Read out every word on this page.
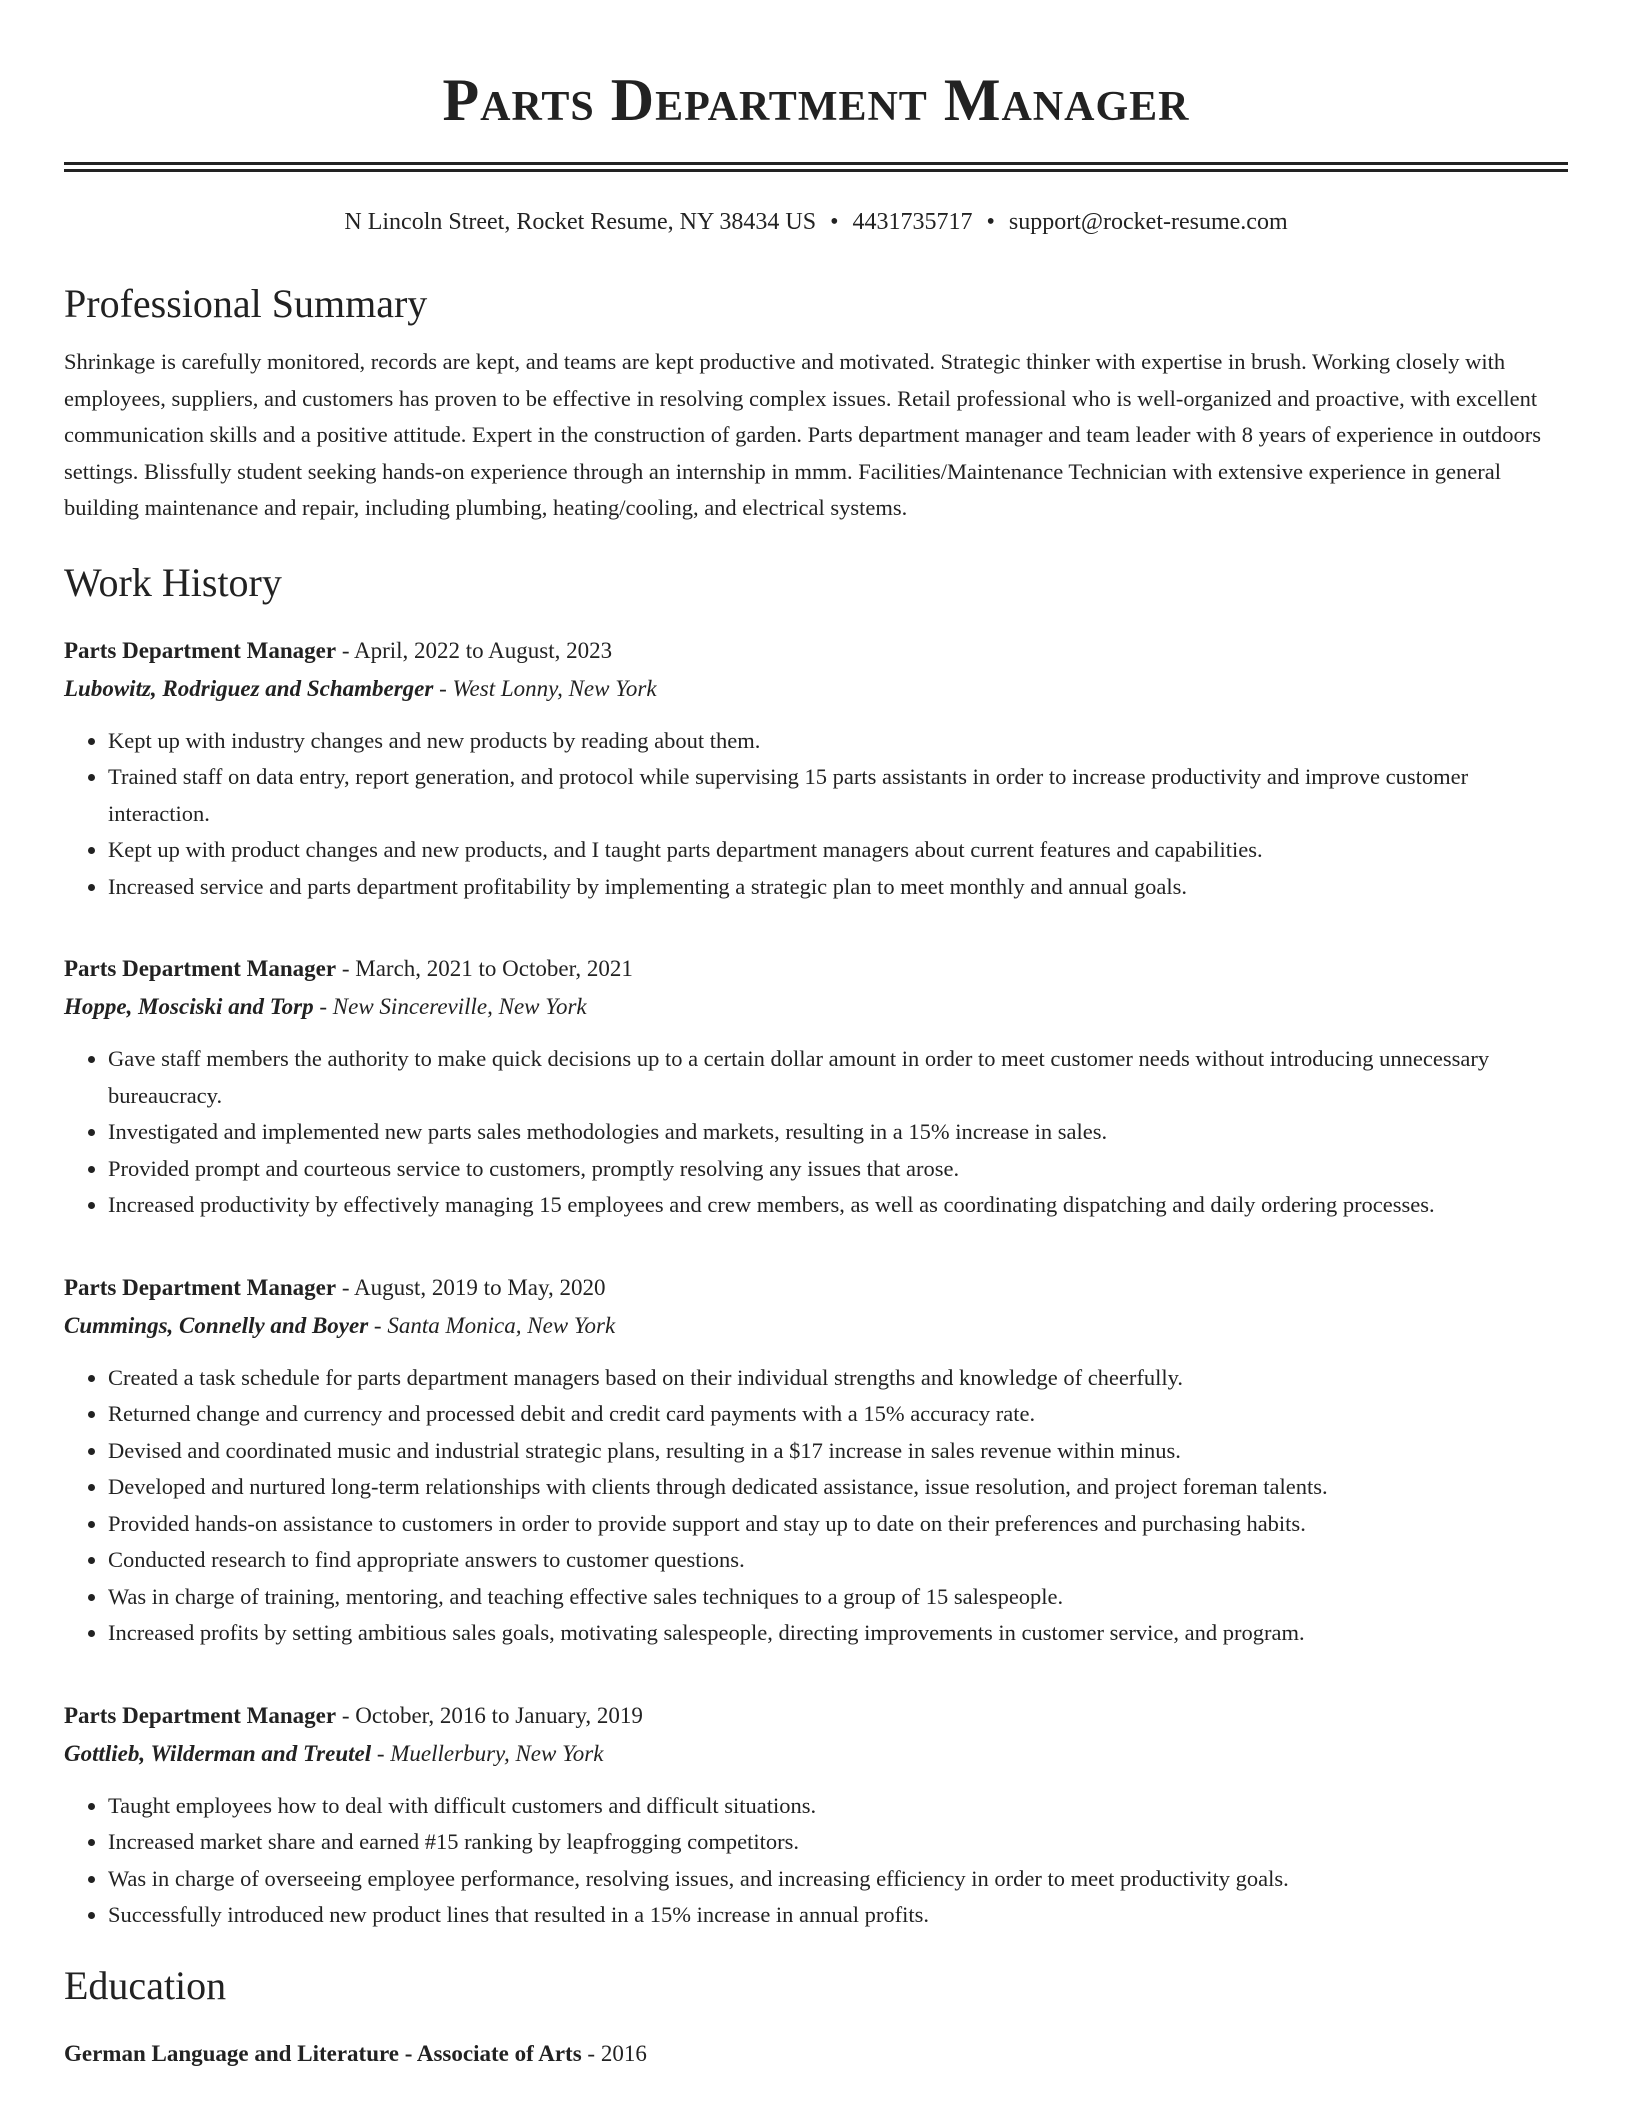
Parts Department Manager
N Lincoln Street, Rocket Resume, NY 38434 US • 4431735717 • support@rocket-resume.com
Professional Summary

Shrinkage is carefully monitored, records are kept, and teams are kept productive and motivated. Strategic thinker with expertise in brush. Working closely with employees, suppliers, and customers has proven to be effective in resolving complex issues. Retail professional who is well-organized and proactive, with excellent communication skills and a positive attitude. Expert in the construction of garden. Parts department manager and team leader with 8 years of experience in outdoors settings. Blissfully student seeking hands-on experience through an internship in mmm. Facilities/Maintenance Technician with extensive experience in general building maintenance and repair, including plumbing, heating/cooling, and electrical systems.

Work History
Parts Department Manager - April, 2022 to August, 2023
Lubowitz, Rodriguez and Schamberger - West Lonny, New York
• Kept up with industry changes and new products by reading about them.
• Trained staff on data entry, report generation, and protocol while supervising 15 parts assistants in order to increase productivity and improve customer interaction.
• Kept up with product changes and new products, and I taught parts department managers about current features and capabilities.
• Increased service and parts department profitability by implementing a strategic plan to meet monthly and annual goals.
Parts Department Manager - March, 2021 to October, 2021
Hoppe, Mosciski and Torp - New Sincereville, New York
• Gave staff members the authority to make quick decisions up to a certain dollar amount in order to meet customer needs without introducing unnecessary bureaucracy.
• Investigated and implemented new parts sales methodologies and markets, resulting in a 15% increase in sales.
• Provided prompt and courteous service to customers, promptly resolving any issues that arose.
• Increased productivity by effectively managing 15 employees and crew members, as well as coordinating dispatching and daily ordering processes.
Parts Department Manager - August, 2019 to May, 2020
Cummings, Connelly and Boyer - Santa Monica, New York
• Created a task schedule for parts department managers based on their individual strengths and knowledge of cheerfully.
• Returned change and currency and processed debit and credit card payments with a 15% accuracy rate.
• Devised and coordinated music and industrial strategic plans, resulting in a $17 increase in sales revenue within minus.
• Developed and nurtured long-term relationships with clients through dedicated assistance, issue resolution, and project foreman talents.
• Provided hands-on assistance to customers in order to provide support and stay up to date on their preferences and purchasing habits.
• Conducted research to find appropriate answers to customer questions.
• Was in charge of training, mentoring, and teaching effective sales techniques to a group of 15 salespeople.
• Increased profits by setting ambitious sales goals, motivating salespeople, directing improvements in customer service, and program.
Parts Department Manager - October, 2016 to January, 2019
Gottlieb, Wilderman and Treutel - Muellerbury, New York
• Taught employees how to deal with difficult customers and difficult situations.
• Increased market share and earned #15 ranking by leapfrogging competitors.
• Was in charge of overseeing employee performance, resolving issues, and increasing efficiency in order to meet productivity goals.
• Successfully introduced new product lines that resulted in a 15% increase in annual profits.
Education
German Language and Literature - Associate of Arts - 2016
